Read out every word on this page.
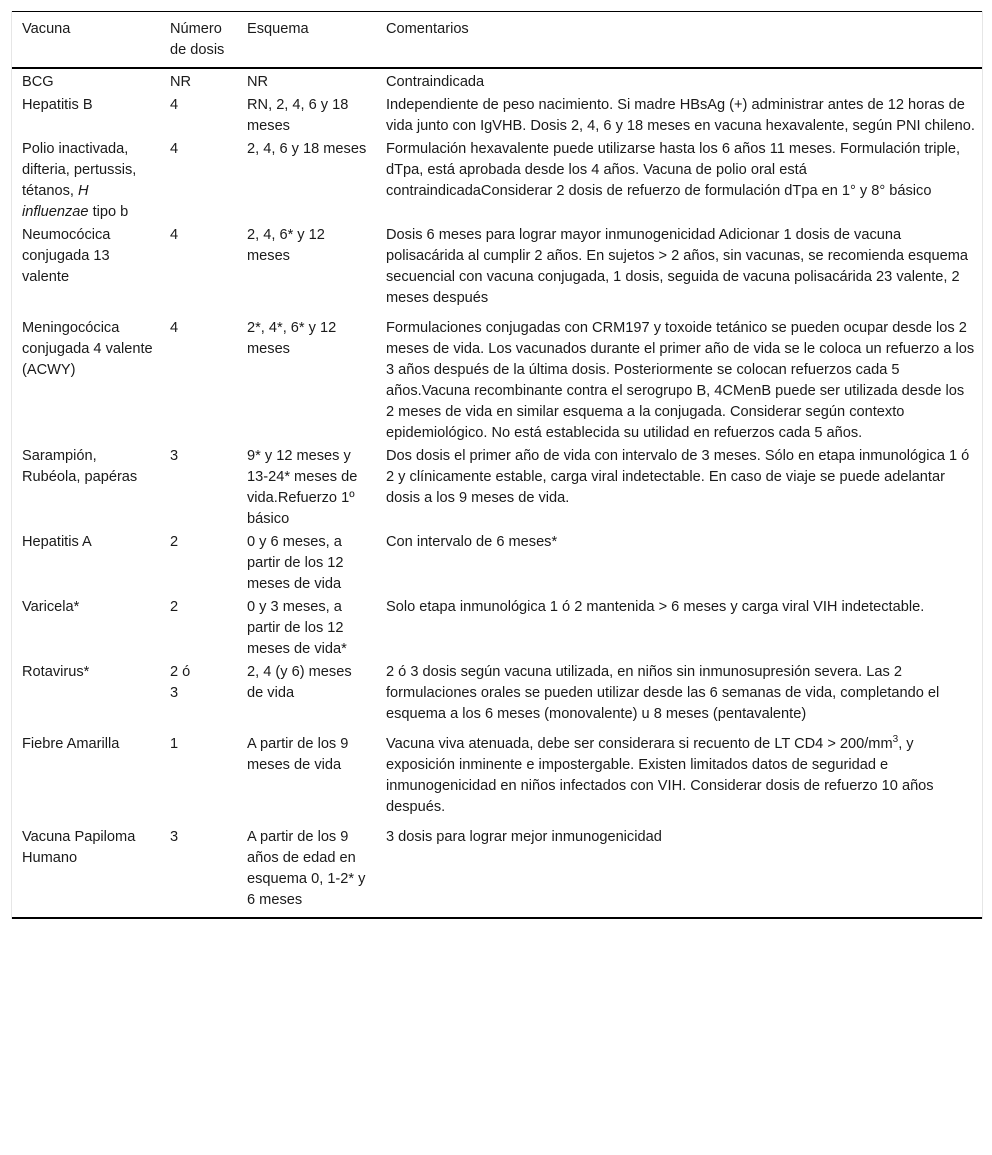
Vacuna	Número de dosis	Esquema	Comentarios
BCG	NR	NR	Contraindicada
Hepatitis B	4	RN, 2, 4, 6 y 18 meses	Independiente de peso nacimiento. Si madre HBsAg (+) administrar antes de 12 horas de vida junto con IgVHB. Dosis 2, 4, 6 y 18 meses en vacuna hexavalente, según PNI chileno.
Polio inactivada, difteria, pertussis, tétanos, H influenzae tipo b	4	2, 4, 6 y 18 meses	Formulación hexavalente puede utilizarse hasta los 6 años 11 meses. Formulación triple, dTpa, está aprobada desde los 4 años. Vacuna de polio oral está contraindicadaConsiderar 2 dosis de refuerzo de formulación dTpa en 1° y 8° básico
Neumocócica conjugada 13 valente	4	2, 4, 6* y 12 meses	Dosis 6 meses para lograr mayor inmunogenicidad Adicionar 1 dosis de vacuna polisacárida al cumplir 2 años. En sujetos > 2 años, sin vacunas, se recomienda esquema secuencial con vacuna conjugada, 1 dosis, seguida de vacuna polisacárida 23 valente, 2 meses después
Meningocócica conjugada 4 valente (ACWY)	4	2*, 4*, 6* y 12 meses	Formulaciones conjugadas con CRM197 y toxoide tetánico se pueden ocupar desde los 2 meses de vida. Los vacunados durante el primer año de vida se le coloca un refuerzo a los 3 años después de la última dosis. Posteriormente se colocan refuerzos cada 5 años.Vacuna recombinante contra el serogrupo B, 4CMenB puede ser utilizada desde los 2 meses de vida en similar esquema a la conjugada. Considerar según contexto epidemiológico. No está establecida su utilidad en refuerzos cada 5 años.
Sarampión, Rubéola, papéras	3	9* y 12 meses y 13-24* meses de vida.Refuerzo 1º básico	Dos dosis el primer año de vida con intervalo de 3 meses. Sólo en etapa inmunológica 1 ó 2 y clínicamente estable, carga viral indetectable. En caso de viaje se puede adelantar dosis a los 9 meses de vida.
Hepatitis A	2	0 y 6 meses, a partir de los 12 meses de vida	Con intervalo de 6 meses*
Varicela*	2	0 y 3 meses, a partir de los 12 meses de vida*	Solo etapa inmunológica 1 ó 2 mantenida > 6 meses y carga viral VIH indetectable.
Rotavirus*	2 ó 3	2, 4 (y 6) meses de vida	2 ó 3 dosis según vacuna utilizada, en niños sin inmunosupresión severa. Las 2 formulaciones orales se pueden utilizar desde las 6 semanas de vida, completando el esquema a los 6 meses (monovalente) u 8 meses (pentavalente)
Fiebre Amarilla	1	A partir de los 9 meses de vida	Vacuna viva atenuada, debe ser considerara si recuento de LT $CD4 > 200/mm^3$, y exposición inminente e impostergable. Existen limitados datos de seguridad e inmunogenicidad en niños infectados con VIH. Considerar dosis de refuerzo 10 años después.
Vacuna Papiloma Humano	3	A partir de los 9 años de edad en esquema 0, 1-2* y 6 meses	3 dosis para lograr mejor inmunogenicidad
